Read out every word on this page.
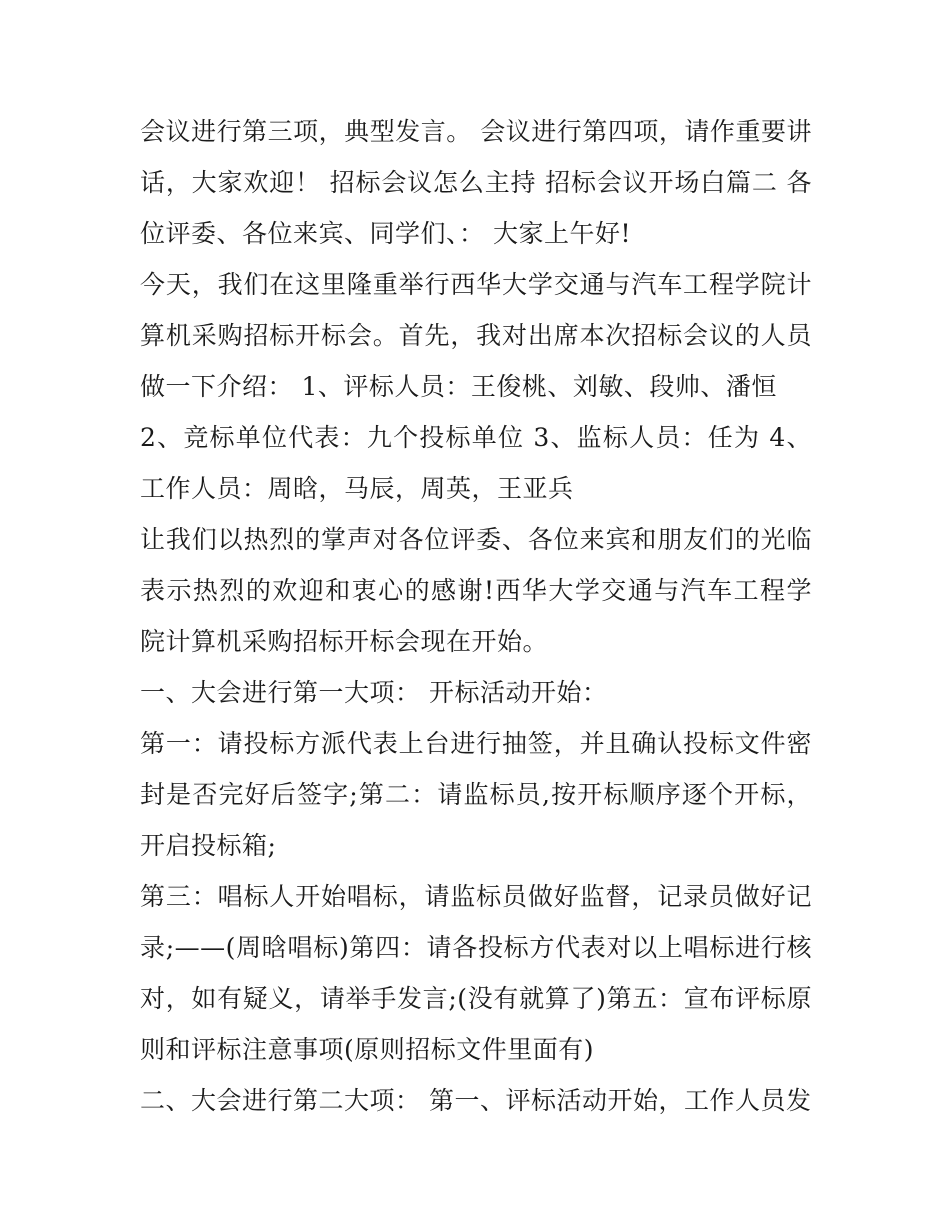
会议进行第三项，典型发言。 会议进行第四项，请作重要讲话，大家欢迎！ 招标会议怎么主持 招标会议开场白篇二 各位评委、各位来宾、同学们、： 大家上午好!

今天，我们在这里隆重举行西华大学交通与汽车工程学院计算机采购招标开标会。首先，我对出席本次招标会议的人员做一下介绍： 1、评标人员：王俊桃、刘敏、段帅、潘恒

2、竞标单位代表：九个投标单位 3、监标人员：任为 4、工作人员：周晗，马辰，周英，王亚兵

让我们以热烈的掌声对各位评委、各位来宾和朋友们的光临表示热烈的欢迎和衷心的感谢!西华大学交通与汽车工程学院计算机采购招标开标会现在开始。

一、大会进行第一大项： 开标活动开始：

第一：请投标方派代表上台进行抽签，并且确认投标文件密封是否完好后签字;第二：请监标员,按开标顺序逐个开标，开启投标箱;

第三：唱标人开始唱标，请监标员做好监督，记录员做好记录;——(周晗唱标)第四：请各投标方代表对以上唱标进行核对，如有疑义，请举手发言;(没有就算了)第五：宣布评标原则和评标注意事项(原则招标文件里面有)

二、大会进行第二大项： 第一、评标活动开始，工作人员发
